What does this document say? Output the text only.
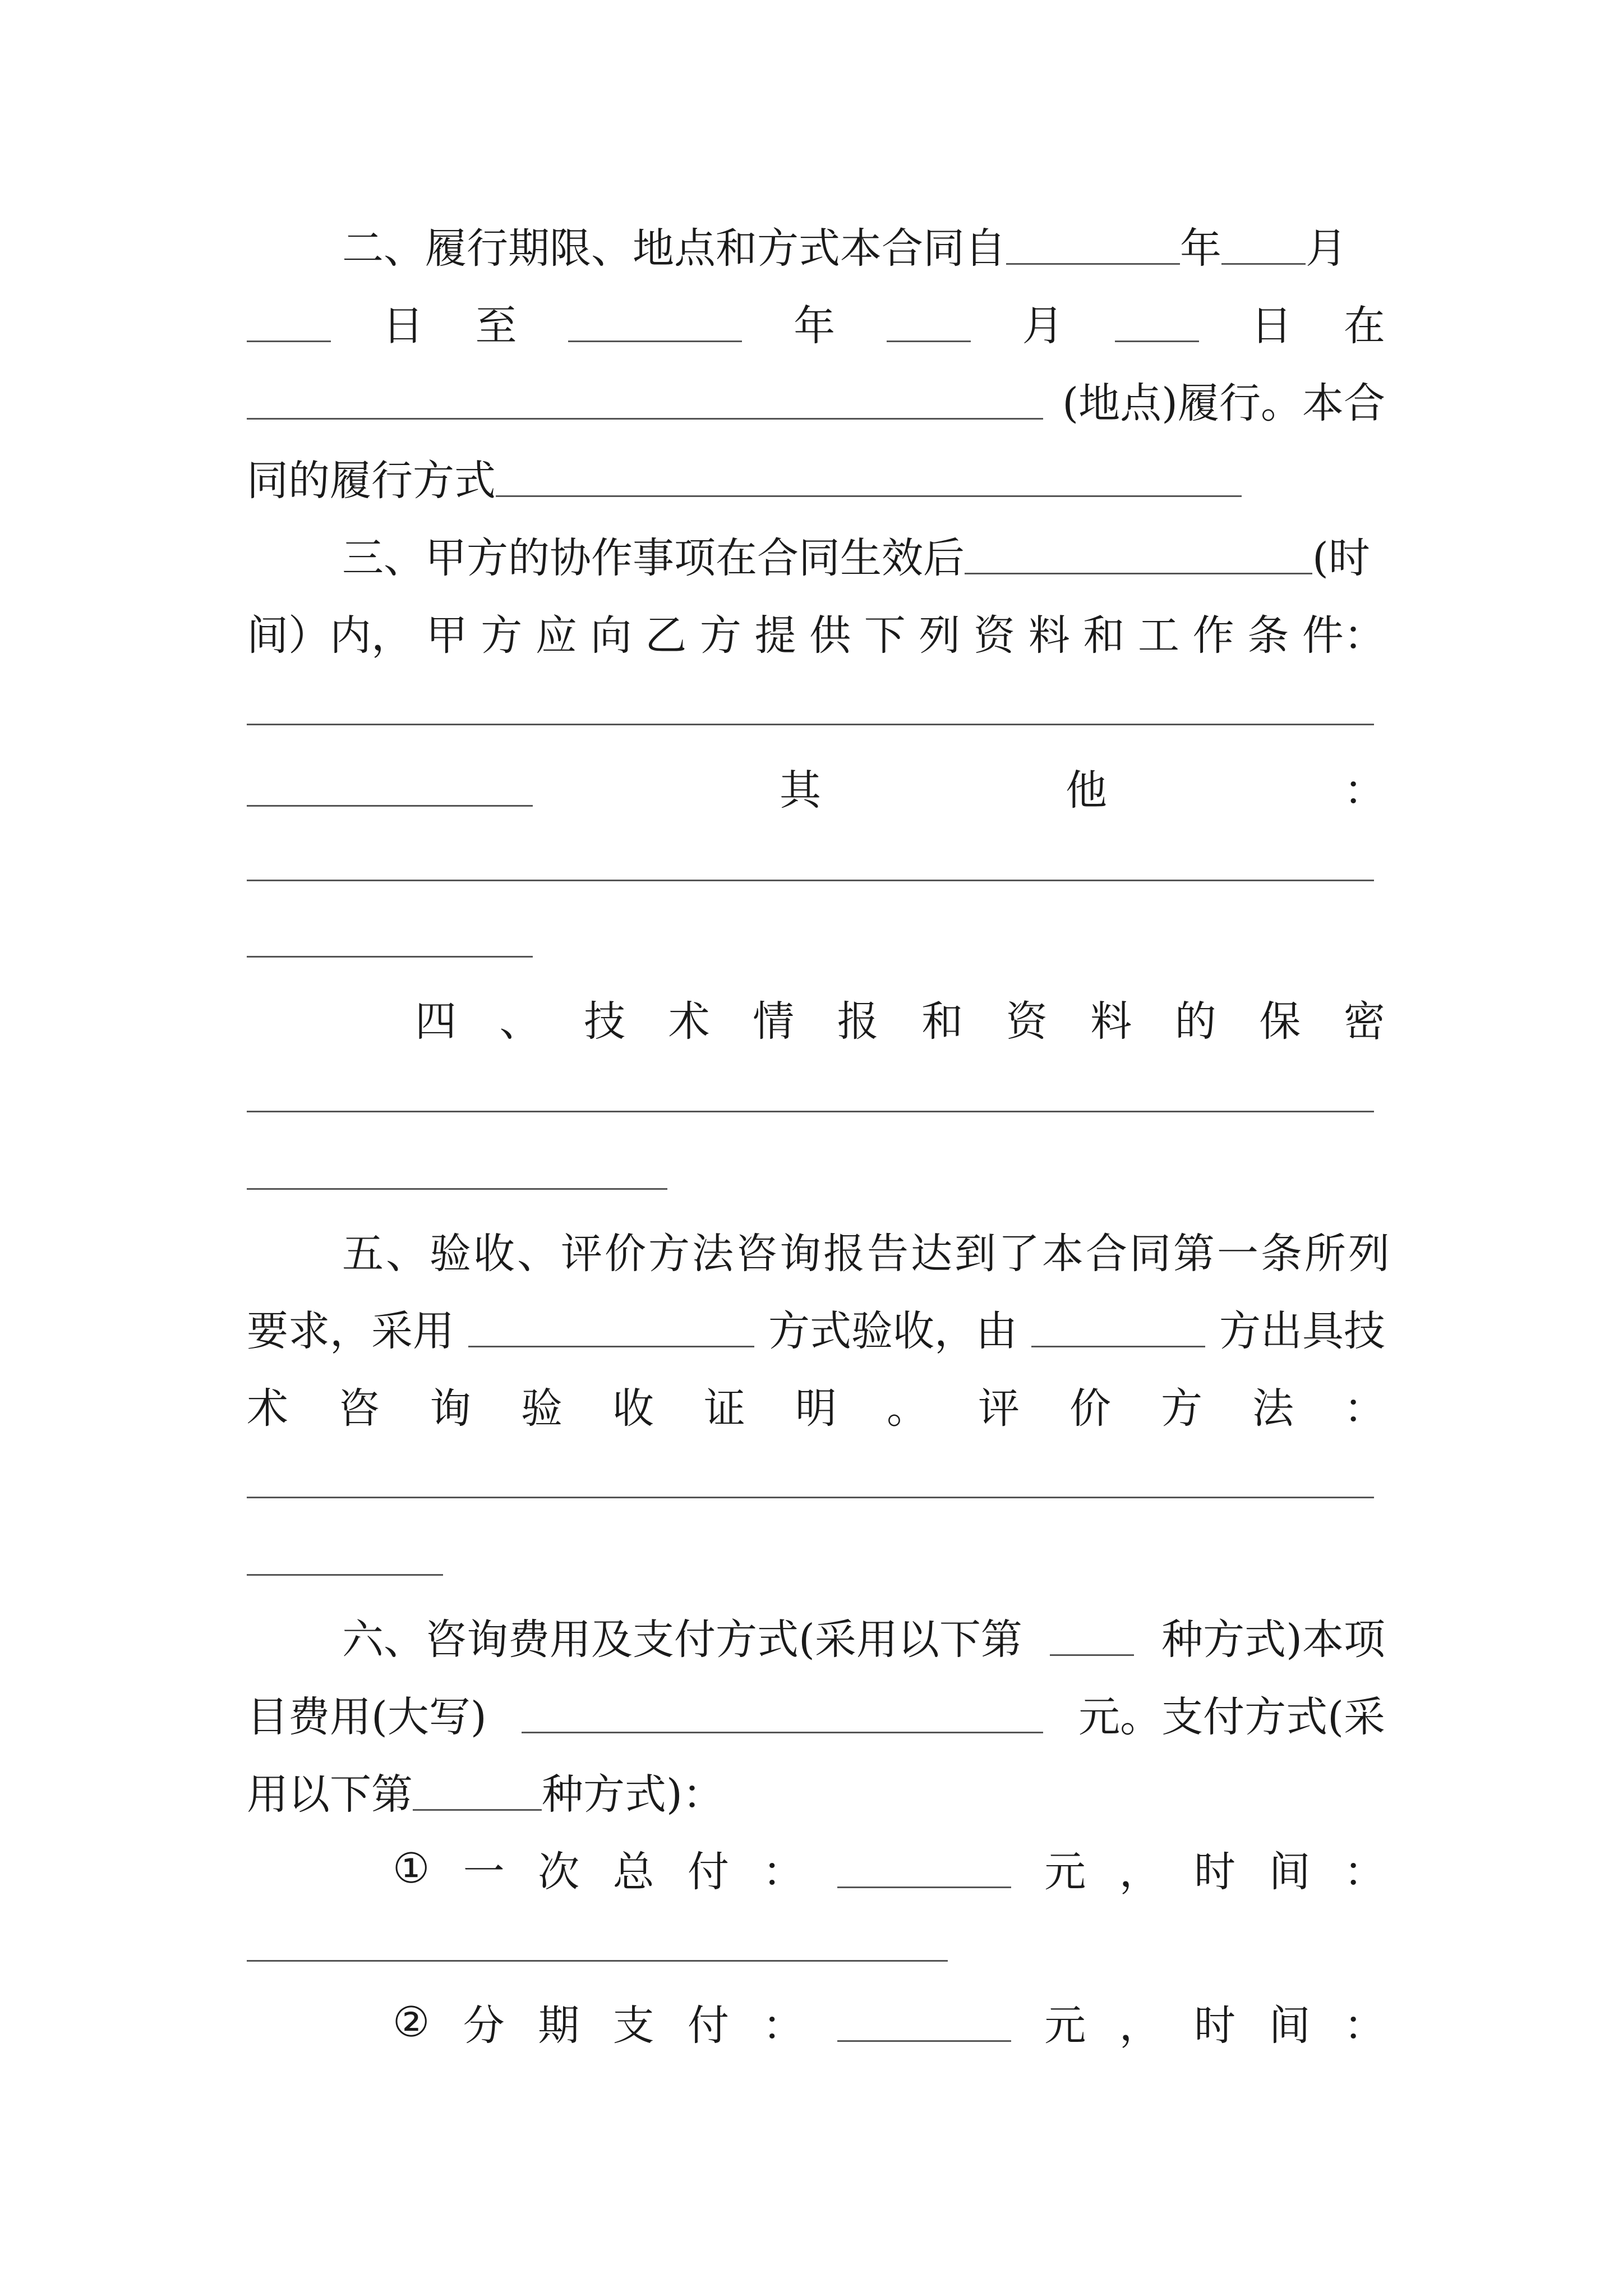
二、履行期限、地点和方式本合同自	年 月
日 至	年	月	日 在
(地点)履行。本合
同的履行方式
三、甲方的协作事项在合同生效后	(时
间）内， 甲 方 应 向 乙 方 提 供 下 列 资 料 和 工 作 条 件：
其	他	：
四 、 技 术 情 报 和 资 料 的 保 密
五、验收、评价方法咨询报告达到了本合同第一条所列
要求，采用	方式验收，由	方出具技
术 咨 询 验 收 证 明 。 评 价 方 法 ：
六、咨询费用及支付方式(采用以下第	种方式)本项
目费用(大写)	元。支付方式(采
用以下第	种方式)：
① 一 次 总 付 ：	元 ， 时 间 ：
② 分 期 支 付 ：	元 ， 时 间 ：
